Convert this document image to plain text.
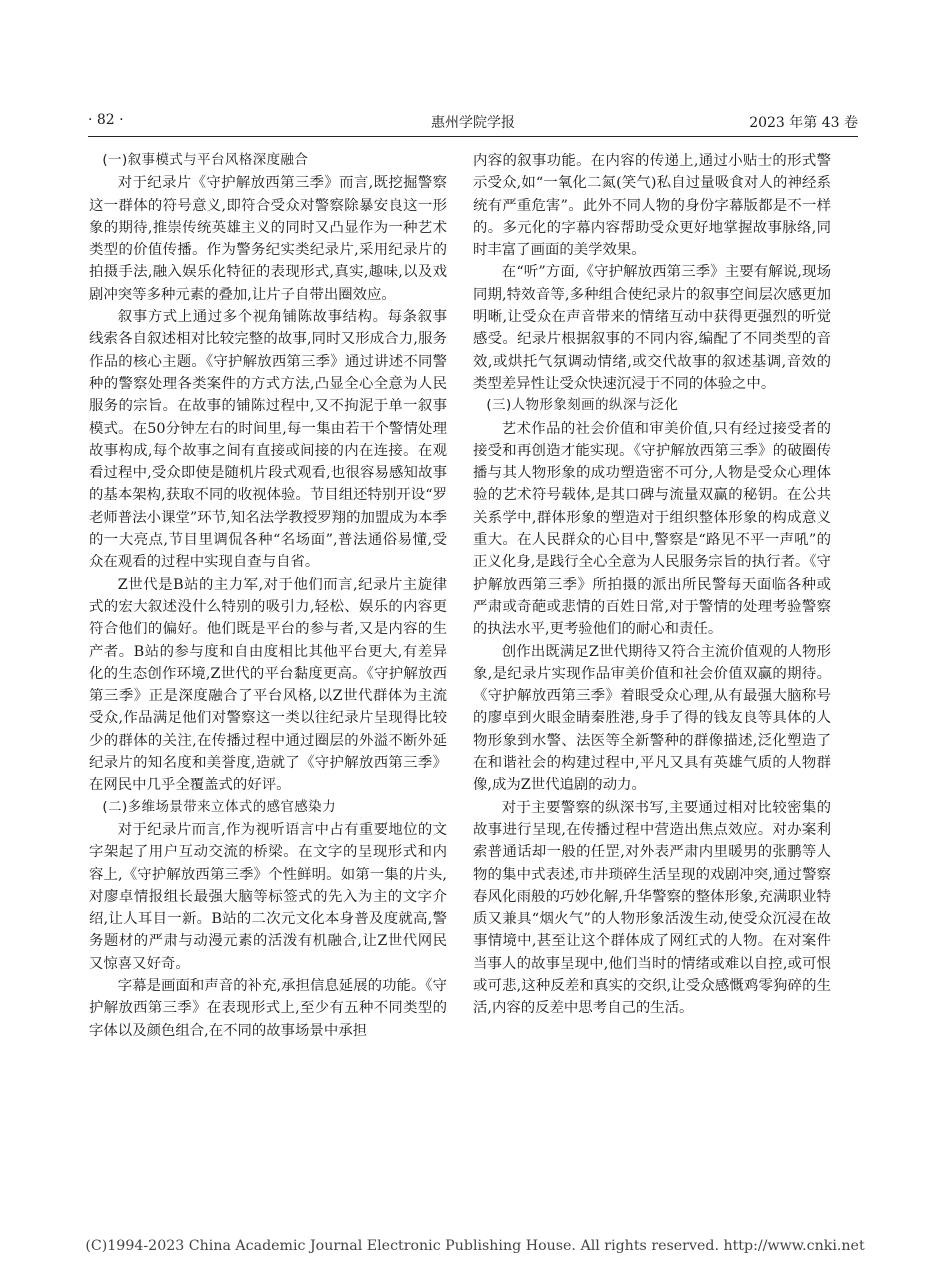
· 82 ·	惠州学院学报	2023 年第 43 卷
(一)叙事模式与平台风格深度融合

对于纪录片《守护解放西第三季》而言,既挖掘警察这一群体的符号意义,即符合受众对警察除暴安良这一形象的期待,推崇传统英雄主义的同时又凸显作为一种艺术类型的价值传播。作为警务纪实类纪录片,采用纪录片的拍摄手法,融入娱乐化特征的表现形式,真实,趣味,以及戏剧冲突等多种元素的叠加,让片子自带出圈效应。

叙事方式上通过多个视角铺陈故事结构。每条叙事线索各自叙述相对比较完整的故事,同时又形成合力,服务作品的核心主题。《守护解放西第三季》通过讲述不同警种的警察处理各类案件的方式方法,凸显全心全意为人民服务的宗旨。在故事的铺陈过程中,又不拘泥于单一叙事模式。在50分钟左右的时间里,每一集由若干个警情处理故事构成,每个故事之间有直接或间接的内在连接。在观看过程中,受众即使是随机片段式观看,也很容易感知故事的基本架构,获取不同的收视体验。节目组还特别开设“罗老师普法小课堂”环节,知名法学教授罗翔的加盟成为本季的一大亮点,节目里调侃各种“名场面”,普法通俗易懂,受众在观看的过程中实现自查与自省。

Z世代是B站的主力军,对于他们而言,纪录片主旋律式的宏大叙述没什么特别的吸引力,轻松、娱乐的内容更符合他们的偏好。他们既是平台的参与者,又是内容的生产者。B站的参与度和自由度相比其他平台更大,有差异化的生态创作环境,Z世代的平台黏度更高。《守护解放西第三季》正是深度融合了平台风格,以Z世代群体为主流受众,作品满足他们对警察这一类以往纪录片呈现得比较少的群体的关注,在传播过程中通过圈层的外溢不断外延纪录片的知名度和美誉度,造就了《守护解放西第三季》在网民中几乎全覆盖式的好评。

(二)多维场景带来立体式的感官感染力

对于纪录片而言,作为视听语言中占有重要地位的文字架起了用户互动交流的桥梁。在文字的呈现形式和内容上,《守护解放西第三季》个性鲜明。如第一集的片头,对廖卓情报组长最强大脑等标签式的先入为主的文字介绍,让人耳目一新。B站的二次元文化本身普及度就高,警务题材的严肃与动漫元素的活泼有机融合,让Z世代网民又惊喜又好奇。

字幕是画面和声音的补充,承担信息延展的功能。《守护解放西第三季》在表现形式上,至少有五种不同类型的字体以及颜色组合,在不同的故事场景中承担

内容的叙事功能。在内容的传递上,通过小贴士的形式警示受众,如“一氧化二氮(笑气)私自过量吸食对人的神经系统有严重危害”。此外不同人物的身份字幕版都是不一样的。多元化的字幕内容帮助受众更好地掌握故事脉络,同时丰富了画面的美学效果。

在“听”方面,《守护解放西第三季》主要有解说,现场同期,特效音等,多种组合使纪录片的叙事空间层次感更加明晰,让受众在声音带来的情绪互动中获得更强烈的听觉感受。纪录片根据叙事的不同内容,编配了不同类型的音效,或烘托气氛调动情绪,或交代故事的叙述基调,音效的类型差异性让受众快速沉浸于不同的体验之中。

(三)人物形象刻画的纵深与泛化

艺术作品的社会价值和审美价值,只有经过接受者的接受和再创造才能实现。《守护解放西第三季》的破圈传播与其人物形象的成功塑造密不可分,人物是受众心理体验的艺术符号载体,是其口碑与流量双赢的秘钥。在公共关系学中,群体形象的塑造对于组织整体形象的构成意义重大。在人民群众的心目中,警察是“路见不平一声吼”的正义化身,是践行全心全意为人民服务宗旨的执行者。《守护解放西第三季》所拍摄的派出所民警每天面临各种或严肃或奇葩或悲情的百姓日常,对于警情的处理考验警察的执法水平,更考验他们的耐心和责任。

创作出既满足Z世代期待又符合主流价值观的人物形象,是纪录片实现作品审美价值和社会价值双赢的期待。《守护解放西第三季》着眼受众心理,从有最强大脑称号的廖卓到火眼金睛秦胜港,身手了得的钱友良等具体的人物形象到水警、法医等全新警种的群像描述,泛化塑造了在和谐社会的构建过程中,平凡又具有英雄气质的人物群像,成为Z世代追剧的动力。

对于主要警察的纵深书写,主要通过相对比较密集的故事进行呈现,在传播过程中营造出焦点效应。对办案利索普通话却一般的任罡,对外表严肃内里暖男的张鹏等人物的集中式表述,市井琐碎生活呈现的戏剧冲突,通过警察春风化雨般的巧妙化解,升华警察的整体形象,充满职业特质又兼具“烟火气”的人物形象活泼生动,使受众沉浸在故事情境中,甚至让这个群体成了网红式的人物。在对案件当事人的故事呈现中,他们当时的情绪或难以自控,或可恨或可悲,这种反差和真实的交织,让受众感慨鸡零狗碎的生活,内容的反差中思考自己的生活。

(C)1994-2023 China Academic Journal Electronic Publishing House. All rights reserved. http://www.cnki.net
